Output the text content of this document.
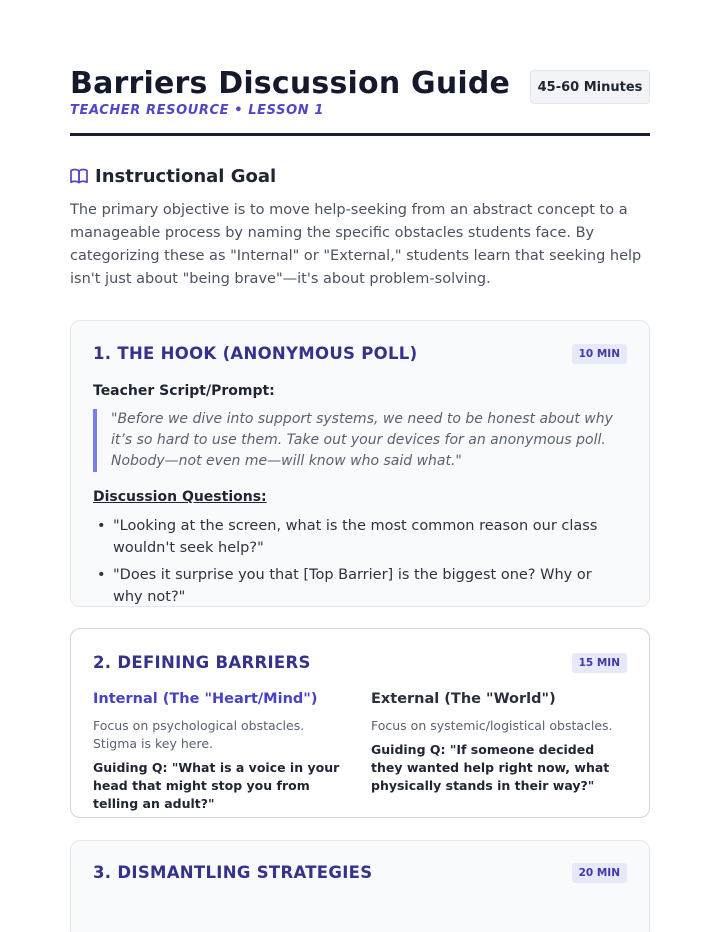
Barriers Discussion Guide
TEACHER RESOURCE • LESSON 1
45-60 Minutes
Instructional Goal

The primary objective is to move help-seeking from an abstract concept to a manageable process by naming the specific obstacles students face. By categorizing these as "Internal" or "External," students learn that seeking help isn't just about "being brave"—it's about problem-solving.

1. THE HOOK (ANONYMOUS POLL)	10 MIN
Teacher Script/Prompt:

"Before we dive into support systems, we need to be honest about why it’s so hard to use them. Take out your devices for an anonymous poll. Nobody—not even me—will know who said what."

Discussion Questions:
• "Looking at the screen, what is the most common reason our class wouldn't seek help?"
• "Does it surprise you that [Top Barrier] is the biggest one? Why or why not?"
2. DEFINING BARRIERS	15 MIN

Internal (The "Heart/Mind")

Focus on psychological obstacles. Stigma is key here.

Guiding Q: "What is a voice in your head that might stop you from telling an adult?"

External (The "World")

Focus on systemic/logistical obstacles.

Guiding Q: "If someone decided they wanted help right now, what physically stands in their way?"

3. DISMANTLING STRATEGIES	20 MIN
